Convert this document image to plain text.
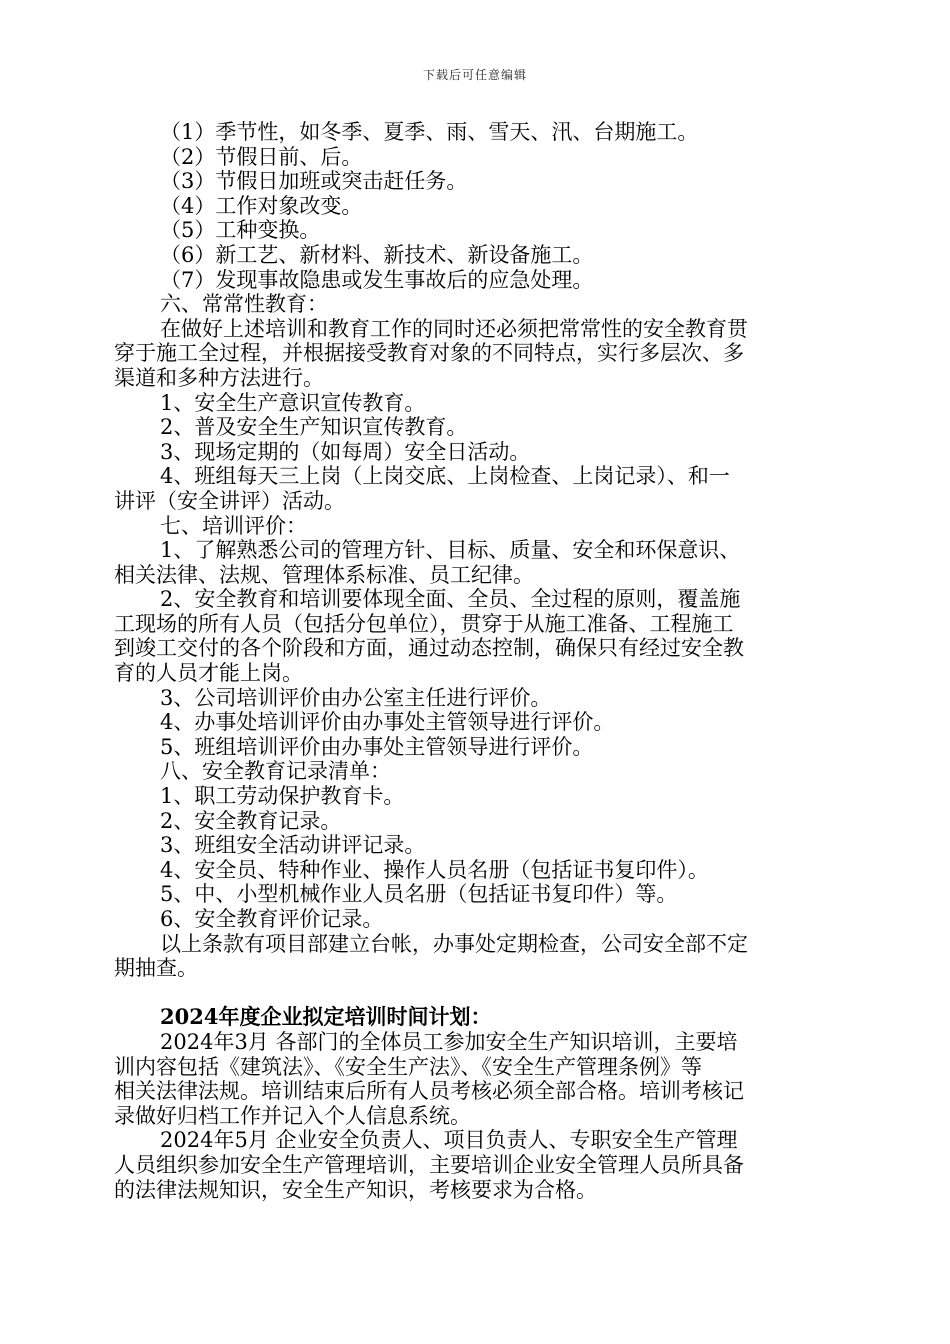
下载后可任意编辑

（1）季节性，如冬季、夏季、雨、雪天、汛、台期施工。

（2）节假日前、后。

（3）节假日加班或突击赶任务。

（4）工作对象改变。

（5）工种变换。

（6）新工艺、新材料、新技术、新设备施工。

（7）发现事故隐患或发生事故后的应急处理。

六、常常性教育：

在做好上述培训和教育工作的同时还必须把常常性的安全教育贯

穿于施工全过程，并根据接受教育对象的不同特点，实行多层次、多

渠道和多种方法进行。

1、安全生产意识宣传教育。

2、普及安全生产知识宣传教育。

3、现场定期的（如每周）安全日活动。

4、班组每天三上岗（上岗交底、上岗检查、上岗记录）、和一

讲评（安全讲评）活动。

七、培训评价：

1、了解熟悉公司的管理方针、目标、质量、安全和环保意识、

相关法律、法规、管理体系标准、员工纪律。

2、安全教育和培训要体现全面、全员、全过程的原则，覆盖施

工现场的所有人员（包括分包单位），贯穿于从施工准备、工程施工

到竣工交付的各个阶段和方面，通过动态控制，确保只有经过安全教

育的人员才能上岗。

3、公司培训评价由办公室主任进行评价。

4、办事处培训评价由办事处主管领导进行评价。

5、班组培训评价由办事处主管领导进行评价。

八、安全教育记录清单：

1、职工劳动保护教育卡。

2、安全教育记录。

3、班组安全活动讲评记录。

4、安全员、特种作业、操作人员名册（包括证书复印件）。

5、中、小型机械作业人员名册（包括证书复印件）等。

6、安全教育评价记录。

以上条款有项目部建立台帐，办事处定期检查，公司安全部不定

期抽查。

2024年度企业拟定培训时间计划：

2024年3月 各部门的全体员工参加安全生产知识培训，主要培

训内容包括《建筑法》、《安全生产法》、《安全生产管理条例》等

相关法律法规。培训结束后所有人员考核必须全部合格。培训考核记

录做好归档工作并记入个人信息系统。

2024年5月 企业安全负责人、项目负责人、专职安全生产管理

人员组织参加安全生产管理培训，主要培训企业安全管理人员所具备

的法律法规知识，安全生产知识，考核要求为合格。
